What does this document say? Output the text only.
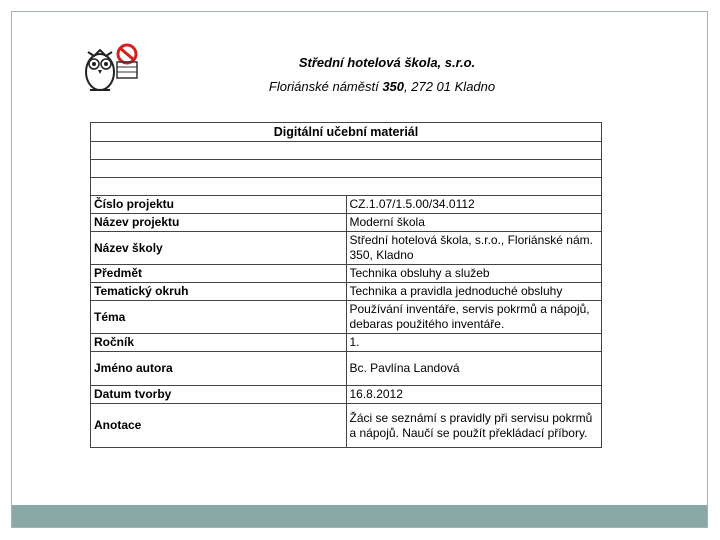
Střední hotelová škola, s.r.o.
Floriánské náměstí 350, 272 01 Kladno
Digitální učební materiál	

Číslo projektu	CZ.1.07/1.5.00/34.0112
Název projektu	Moderní škola
Název školy	Střední hotelová škola, s.r.o., Floriánské nám. 350, Kladno
Předmět	Technika obsluhy a služeb
Tematický okruh	Technika a pravidla jednoduché obsluhy
Téma	Používání inventáře, servis pokrmů a nápojů, debaras použitého inventáře.
Ročník	1.
Jméno autora	Bc. Pavlína Landová
Datum tvorby	16.8.2012
Anotace	Žáci se seznámí s pravidly při servisu pokrmů a nápojů. Naučí se použít překládací příbory.
